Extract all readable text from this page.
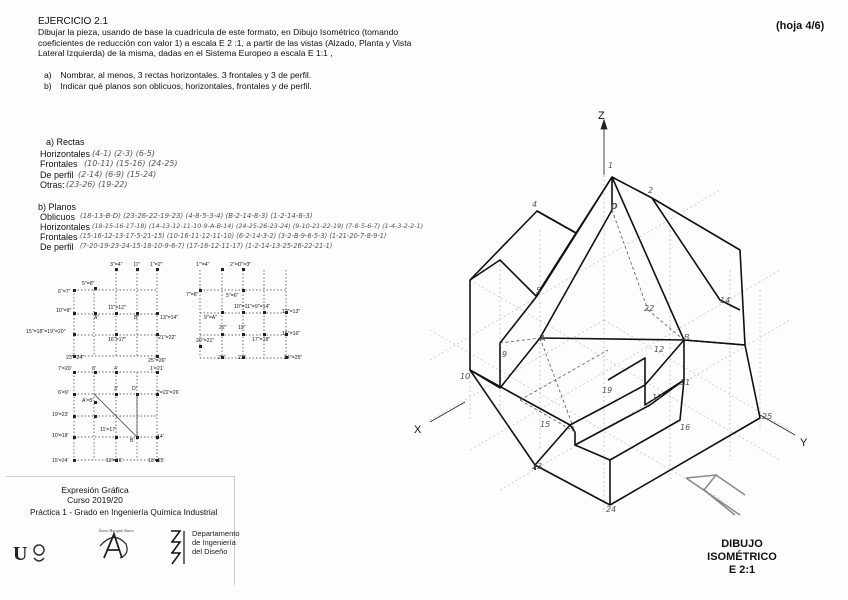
EJERCICIO 2.1
Dibujar la pieza, usando de base la cuadrícula de este formato, en Dibujo Isométrico (tomando coeficientes de reducción con valor 1) a escala E 2 :1, a partir de las vistas (Alzado, Planta y Vista Lateral Izquierda) de la misma, dadas en el Sistema Europeo a escala E 1:1 ,
(hoja 4/6)
a) Nombrar, al menos, 3 rectas horizontales. 3 frontales y 3 de perfil.
b) Indicar qué planos son oblicuos, horizontales, frontales y de perfil.
a) Rectas
Horizontales (4-1) (2-3) (6-5)
Frontales (10-11) (15-16) (24-25)
De perfil (2-14) (6-9) (15-24)
Otras: (23-26) (19-22)
b) Planos
Oblicuos (18-13-B-D) (23-26-22-19-23) (4-8-5-3-4) (B-2-14-8-3) (1-2-14-8-3)
Horizontales (18-15-16-17-18) (14-13-12-11-10-9-A-B-14) (24-25-26-23-24) (9-10-21-22-19) (7-8-5-6-7) (1-4-3-2-2-1)
Frontales (15-16-12-13-17-5-21-15) (10-16-11-12-11-10) (6-2-14-3-2) (3-2-B-9-6-5-3) (1-21-20-7-8-9-1)
De perfil (7-20-19-23-24-15-18-10-9-6-7) (17-16-12-11-17) (1-2-14-13-25-26-22-21-1)
3"=4" D" 1"=2"
5"=8"
6"=7"
10"=9"	11"=12"
A"	B"	13"=14"
15"=18"=19"=20"
16"=17"	21"=22"
23"=24"	25"=26"
1'"=4"	2"=D"=3"
7"=8"	5"=6"
10"=11"=9"=14"
12"=13"
9"=A"
22" 19"
15"=16"
20"=21"	17"=18"
26" 23"	24"=25"
7'=20'	8'	4'	1'=21'
6'=9'
3'	D'
2'=22'=26'
A'=5'
19'=23'
11'=17'
10'=18'
B'
14'
15'=24'	12'=16'	13'=25'
Z
X
Y
1
2
4
5
D
14
22
B
A
9
12
11
19
10
15	16
17
25
23
24
Expresión Gráfica
Curso 2019/20
Práctica 1 - Grado en Ingeniería Química Industrial
U
Ávaro Marqués Saura	Departamento
de Ingeniería
del Diseño
DIBUJO ISOMÉTRICO
E 2:1
